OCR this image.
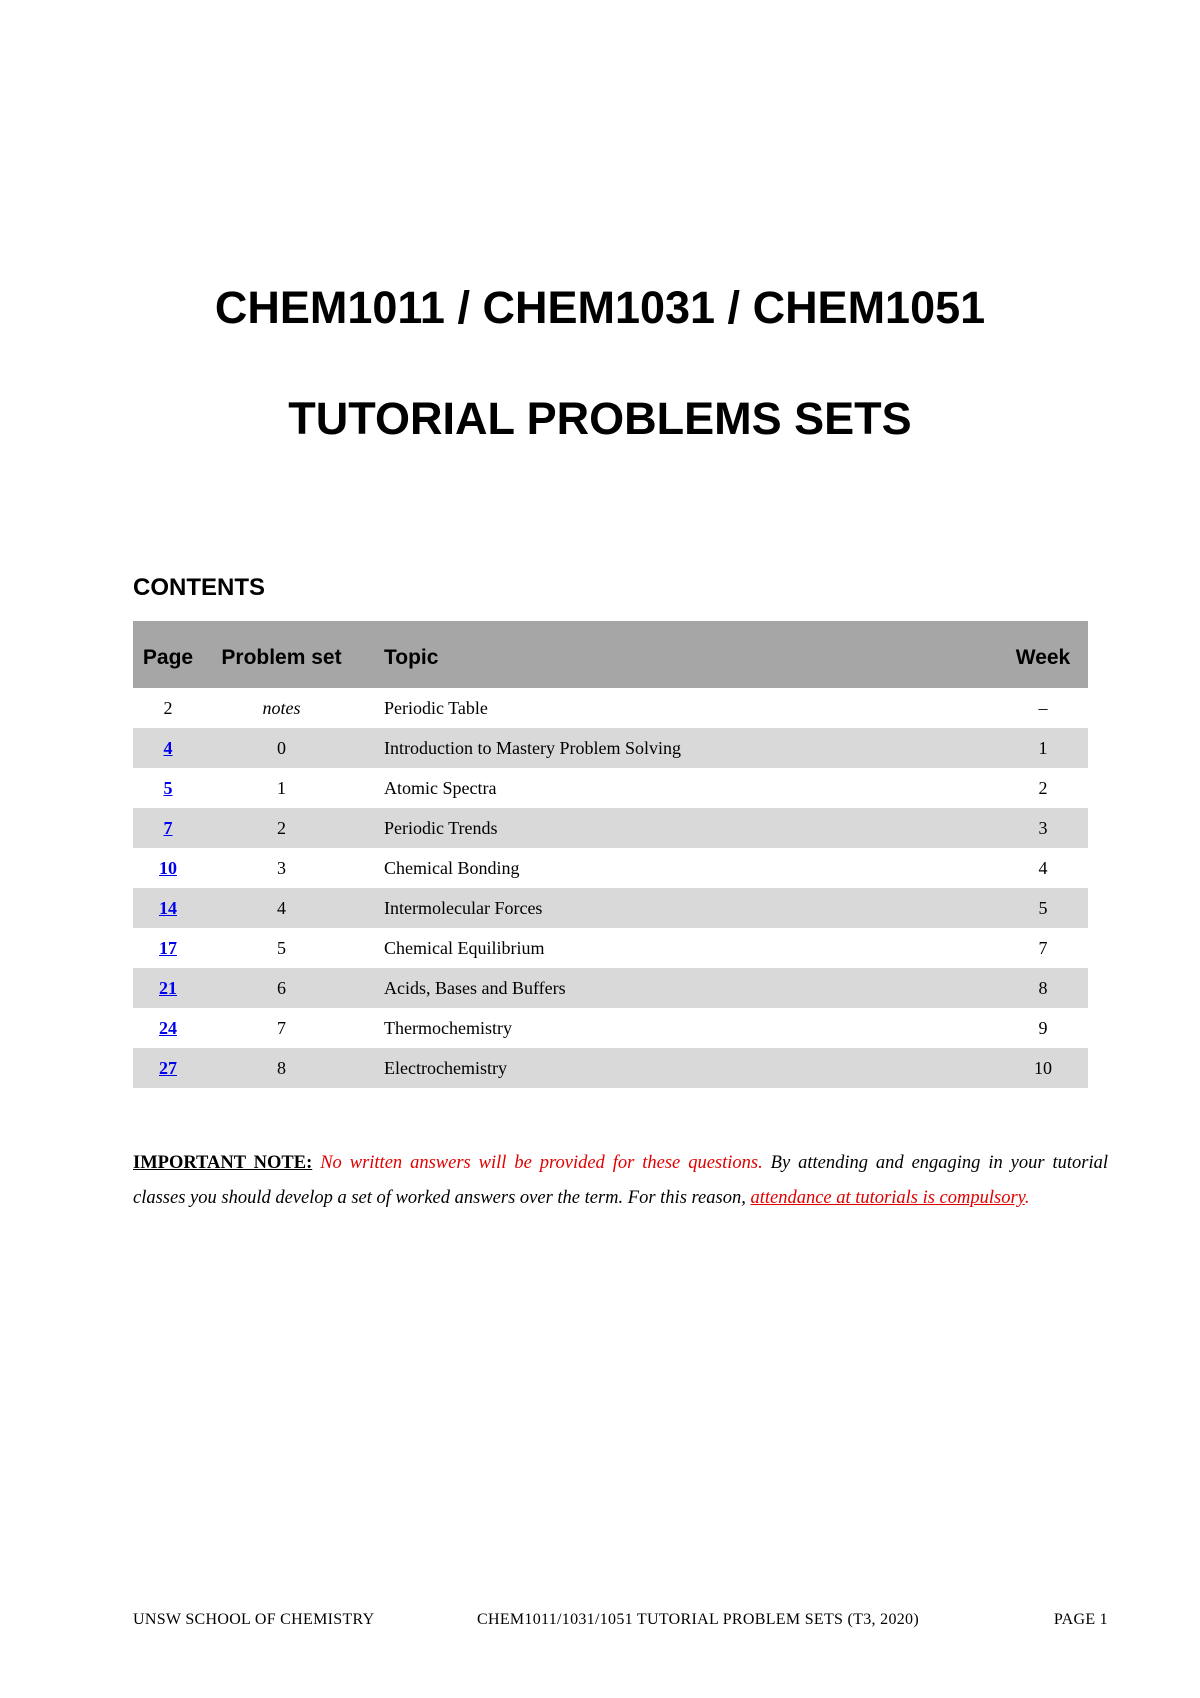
CHEM1011 / CHEM1031 / CHEM1051
TUTORIAL PROBLEMS SETS
CONTENTS
Page	Problem set	Topic	Week
2	notes	Periodic Table	–
4	0	Introduction to Mastery Problem Solving	1
5	1	Atomic Spectra	2
7	2	Periodic Trends	3
10	3	Chemical Bonding	4
14	4	Intermolecular Forces	5
17	5	Chemical Equilibrium	7
21	6	Acids, Bases and Buffers	8
24	7	Thermochemistry	9
27	8	Electrochemistry	10

IMPORTANT NOTE: No written answers will be provided for these questions. By attending and engaging in your tutorial classes you should develop a set of worked answers over the term. For this reason, attendance at tutorials is compulsory.

UNSW SCHOOL OF CHEMISTRY	CHEM1011/1031/1051 TUTORIAL PROBLEM SETS (T3, 2020)	PAGE 1
